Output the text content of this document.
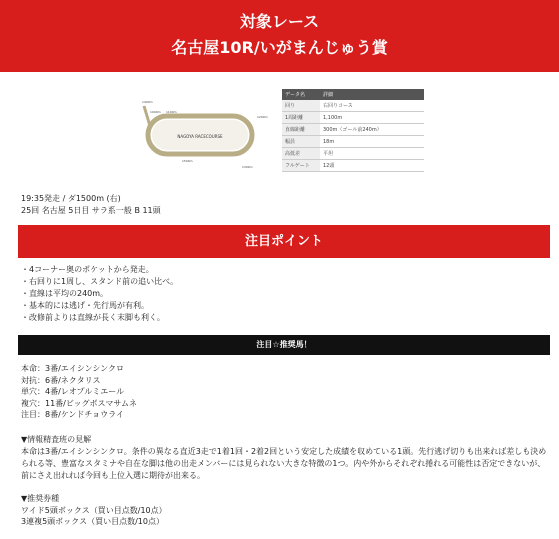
対象レース
名古屋10R/いがまんじゅう賞
NAGOYA RACECOURSE
1000m 1100m
1200m
1300m
1500m
1400m
データ名	詳細
回り	右回りコース
1周距離	1,100m
直線距離	300m（ゴール前240m）
幅員	18m
高低差	平坦
フルゲート	12頭
19:35発走 / ダ1500m (右)
25回 名古屋 5日目 サラ系一般 B 11頭
注目ポイント
・4コーナー奥のポケットから発走。
・右回りに1周し、スタンド前の追い比べ。
・直線は平均の240m。
・基本的には逃げ・先行馬が有利。
・改修前よりは直線が長く末脚も利く。
注目☆推奨馬！
本命：3番/エイシンシンクロ
対抗：6番/ネクタリス
単穴：4番/レオプルミエール
複穴：11番/ビッグボスマサムネ
注目：8番/ケンドチョウライ

▼情報精査班の見解

本命は3番/エイシンシンクロ。条件の異なる直近3走で1着1回・2着2回という安定した成績を収めている1頭。先行逃げ切りも出来れば差しも決められる等、豊富なスタミナや自在な脚は他の出走メンバーには見られない大きな特徴の1つ。内や外からそれぞれ捲れる可能性は否定できないが、前にさえ出れれば今回も上位入選に期待が出来る。

▼推奨券種

ワイド5頭ボックス（買い目点数/10点）

3連複5頭ボックス（買い目点数/10点）
